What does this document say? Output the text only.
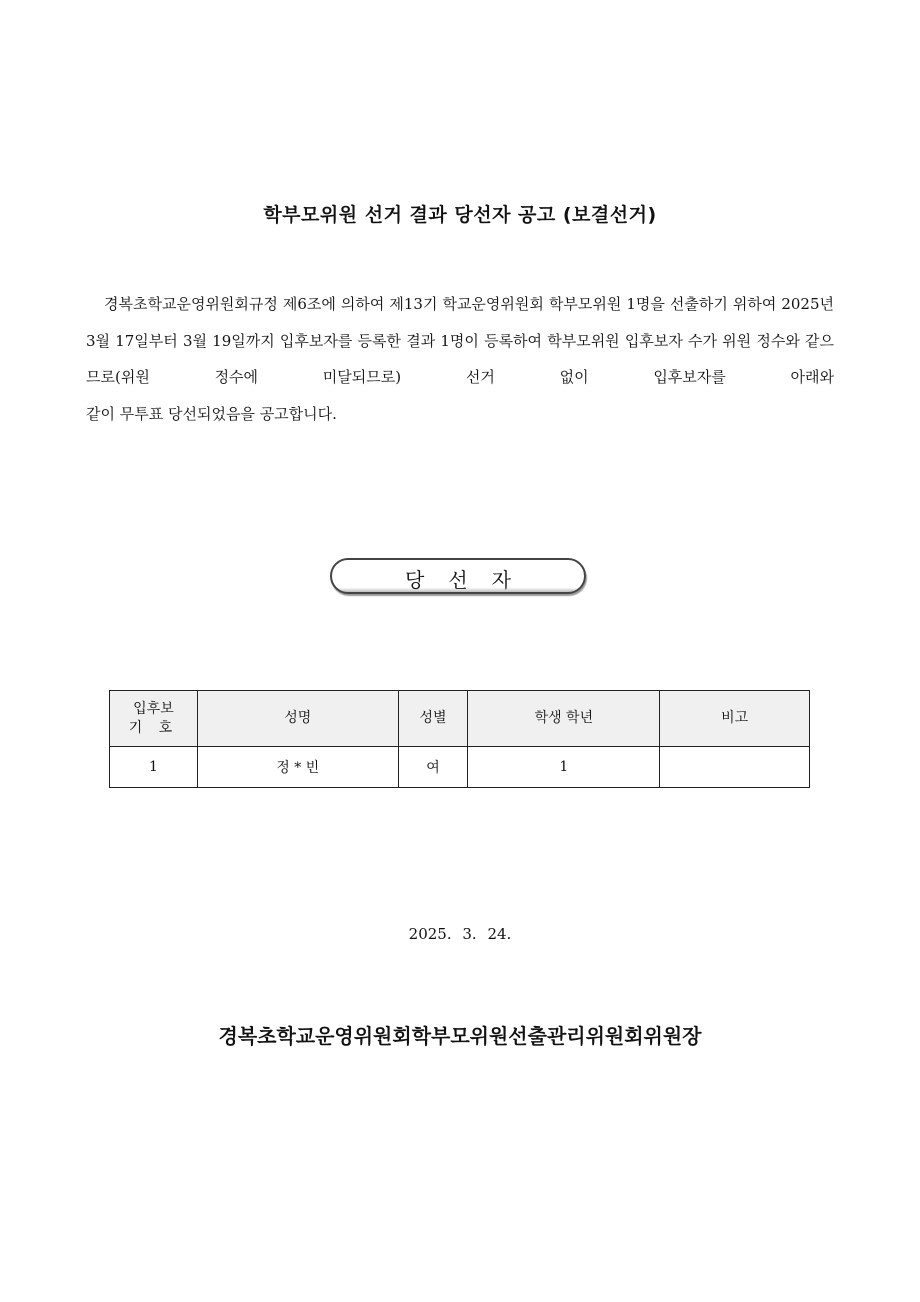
학부모위원 선거 결과 당선자 공고 (보결선거)

경복초학교운영위원회규정 제6조에 의하여 제13기 학교운영위원회 학부모위원 1명을 선출하기 위하여 2025년 3월 17일부터 3월 19일까지 입후보자를 등록한 결과 1명이 등록하여 학부모위원 입후보자 수가 위원 정수와 같으므로(위원 정수에 미달되므로) 선거 없이 입후보자를 아래와
같이 무투표 당선되었음을 공고합니다.

당선자
입후보
기 호	성명	성별	학생 학년	비고
1	정 * 빈	여	1	
2025. 3. 24.
경복초학교운영위원회학부모위원선출관리위원회위원장
